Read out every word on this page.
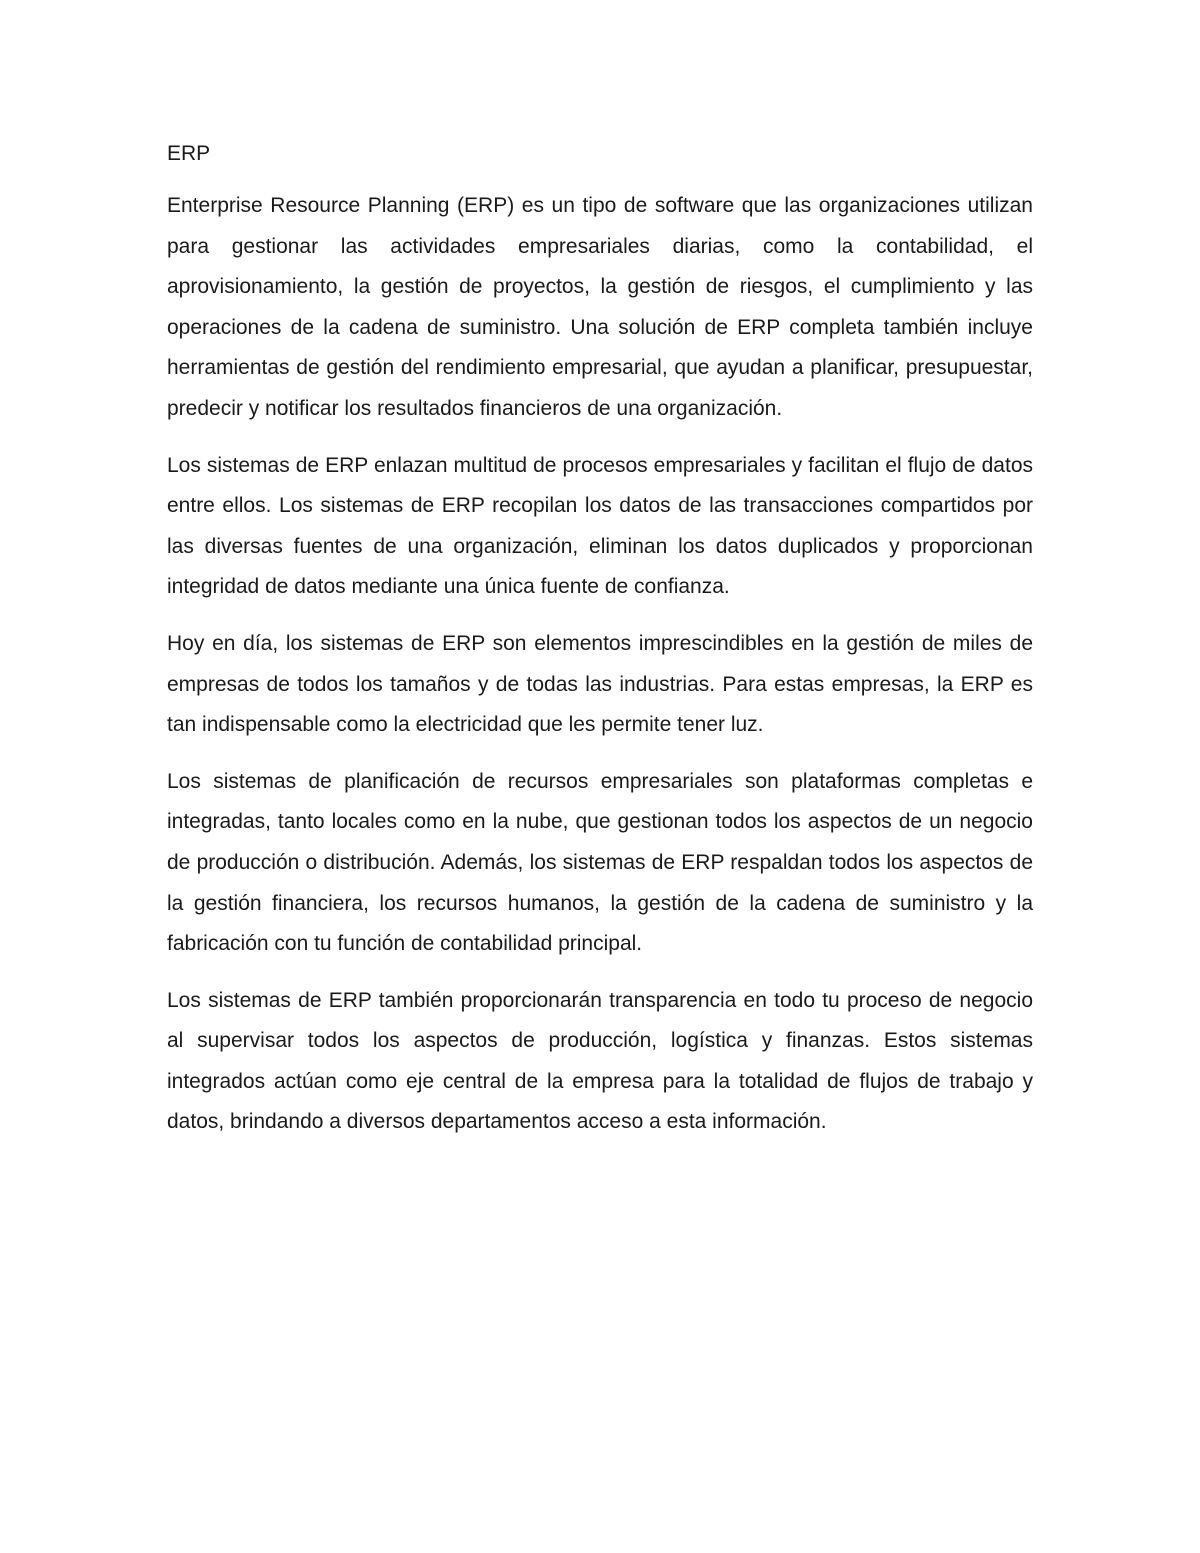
ERP

Enterprise Resource Planning (ERP) es un tipo de software que las organizaciones utilizan para gestionar las actividades empresariales diarias, como la contabilidad, el aprovisionamiento, la gestión de proyectos, la gestión de riesgos, el cumplimiento y las operaciones de la cadena de suministro. Una solución de ERP completa también incluye herramientas de gestión del rendimiento empresarial, que ayudan a planificar, presupuestar, predecir y notificar los resultados financieros de una organización.

Los sistemas de ERP enlazan multitud de procesos empresariales y facilitan el flujo de datos entre ellos. Los sistemas de ERP recopilan los datos de las transacciones compartidos por las diversas fuentes de una organización, eliminan los datos duplicados y proporcionan integridad de datos mediante una única fuente de confianza.

Hoy en día, los sistemas de ERP son elementos imprescindibles en la gestión de miles de empresas de todos los tamaños y de todas las industrias. Para estas empresas, la ERP es tan indispensable como la electricidad que les permite tener luz.

Los sistemas de planificación de recursos empresariales son plataformas completas e integradas, tanto locales como en la nube, que gestionan todos los aspectos de un negocio de producción o distribución. Además, los sistemas de ERP respaldan todos los aspectos de la gestión financiera, los recursos humanos, la gestión de la cadena de suministro y la fabricación con tu función de contabilidad principal.

Los sistemas de ERP también proporcionarán transparencia en todo tu proceso de negocio al supervisar todos los aspectos de producción, logística y finanzas. Estos sistemas integrados actúan como eje central de la empresa para la totalidad de flujos de trabajo y datos, brindando a diversos departamentos acceso a esta información.
